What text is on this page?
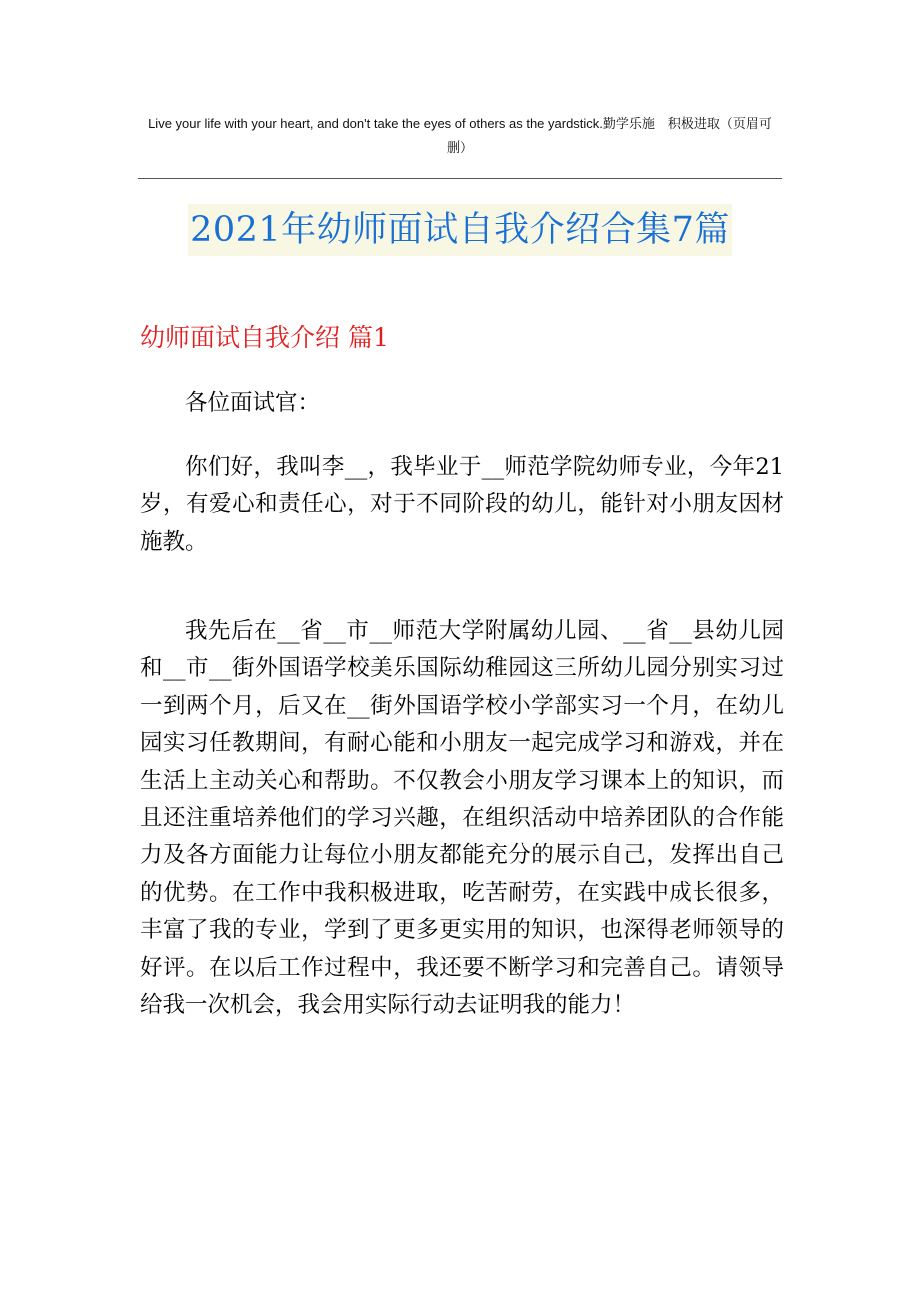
Live your life with your heart, and don't take the eyes of others as the yardstick.勤学乐施　积极进取（页眉可
删）
2021年幼师面试自我介绍合集7篇
幼师面试自我介绍 篇1
各位面试官：
你们好，我叫李__，我毕业于__师范学院幼师专业，今年21岁，有爱心和责任心，对于不同阶段的幼儿，能针对小朋友因材施教。
我先后在__省__市__师范大学附属幼儿园、__省__县幼儿园和__市__街外国语学校美乐国际幼稚园这三所幼儿园分别实习过一到两个月，后又在__街外国语学校小学部实习一个月，在幼儿园实习任教期间，有耐心能和小朋友一起完成学习和游戏，并在生活上主动关心和帮助。不仅教会小朋友学习课本上的知识，而且还注重培养他们的学习兴趣，在组织活动中培养团队的合作能力及各方面能力让每位小朋友都能充分的展示自己，发挥出自己的优势。在工作中我积极进取，吃苦耐劳，在实践中成长很多，丰富了我的专业，学到了更多更实用的知识，也深得老师领导的好评。在以后工作过程中，我还要不断学习和完善自己。请领导给我一次机会，我会用实际行动去证明我的能力！
